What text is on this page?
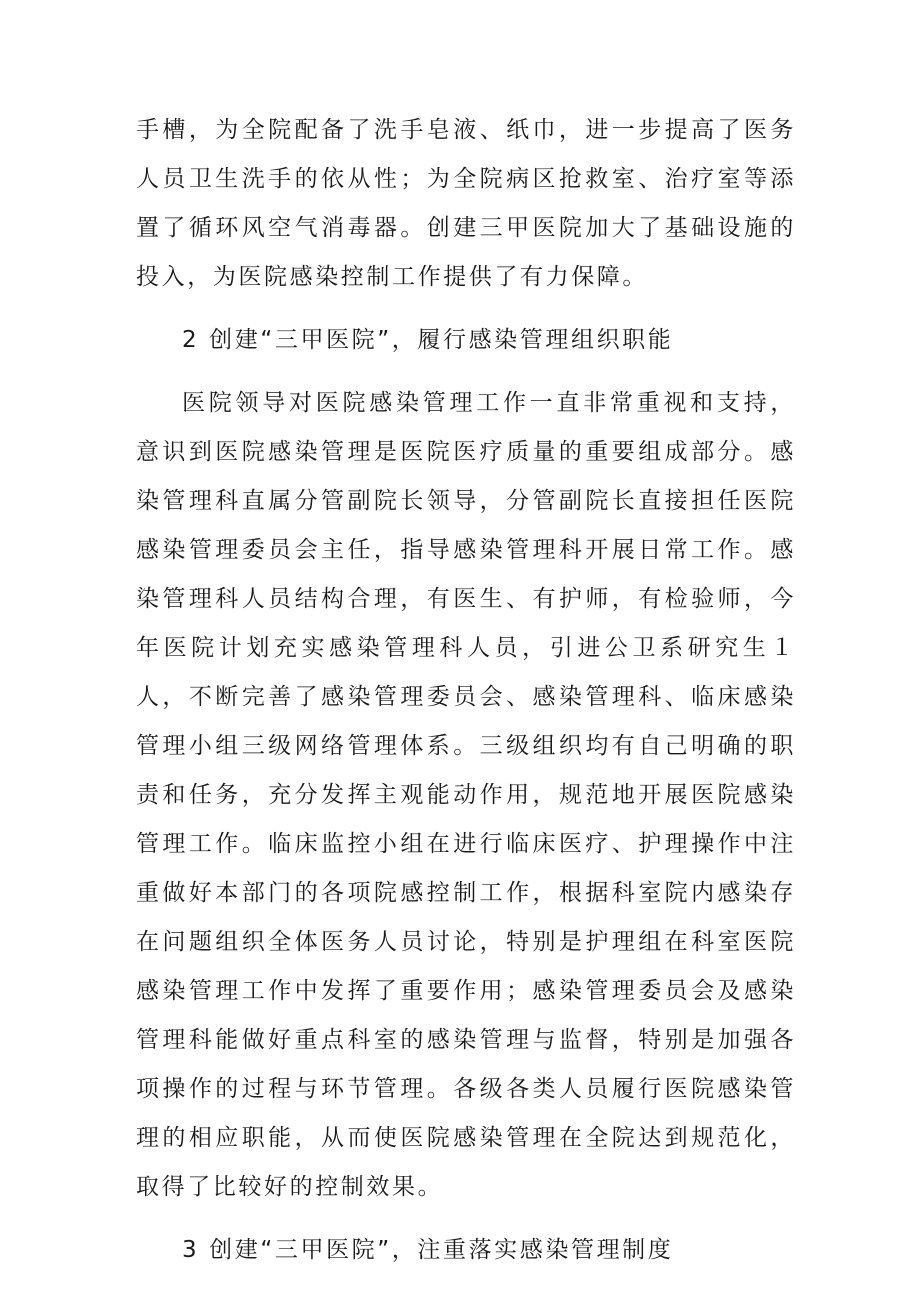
手槽，为全院配备了洗手皂液、纸巾，进一步提高了医务人员卫生洗手的依从性；为全院病区抢救室、治疗室等添置了循环风空气消毒器。创建三甲医院加大了基础设施的投入，为医院感染控制工作提供了有力保障。

2 创建“三甲医院”，履行感染管理组织职能

医院领导对医院感染管理工作一直非常重视和支持，意识到医院感染管理是医院医疗质量的重要组成部分。感染管理科直属分管副院长领导，分管副院长直接担任医院感染管理委员会主任，指导感染管理科开展日常工作。感染管理科人员结构合理，有医生、有护师，有检验师，今年医院计划充实感染管理科人员，引进公卫系研究生１人，不断完善了感染管理委员会、感染管理科、临床感染管理小组三级网络管理体系。三级组织均有自己明确的职责和任务，充分发挥主观能动作用，规范地开展医院感染管理工作。临床监控小组在进行临床医疗、护理操作中注重做好本部门的各项院感控制工作，根据科室院内感染存在问题组织全体医务人员讨论，特别是护理组在科室医院感染管理工作中发挥了重要作用；感染管理委员会及感染管理科能做好重点科室的感染管理与监督，特别是加强各项操作的过程与环节管理。各级各类人员履行医院感染管理的相应职能，从而使医院感染管理在全院达到规范化，取得了比较好的控制效果。

3 创建“三甲医院”，注重落实感染管理制度
